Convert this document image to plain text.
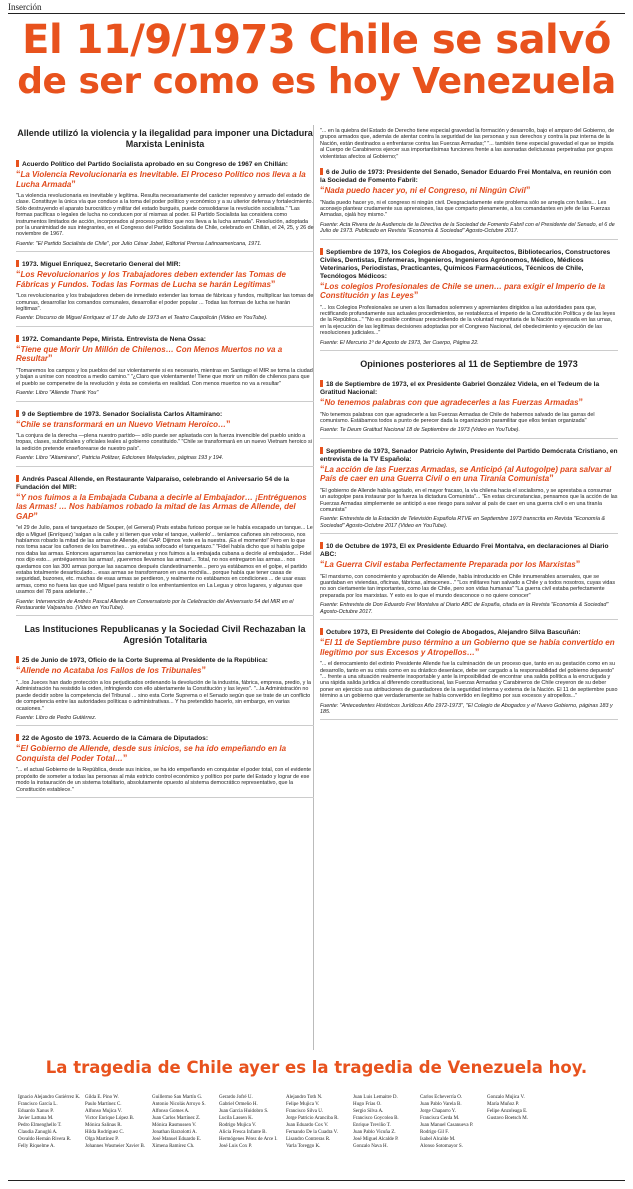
Inserción
El 11/9/1973 Chile se salvó
de ser como es hoy Venezuela
Allende utilizó la violencia y la ilegalidad para imponer una Dictadura Marxista Leninista
Acuerdo Político del Partido Socialista aprobado en su Congreso de 1967 en Chillán:
“La Violencia Revolucionaria es Inevitable. El Proceso Político nos lleva a la Lucha Armada”
"La violencia revolucionaria es inevitable y legítima. Resulta necesariamente del carácter represivo y armado del estado de clase. Constituye la única vía que conduce a la toma del poder político y económico y a su ulterior defensa y fortalecimiento. Sólo destruyendo el aparato burocrático y militar del estado burgués, puede consolidarse la revolución socialista." "Las formas pacíficas o legales de lucha no conducen por sí mismas al poder. El Partido Socialista las considera como instrumentos limitados de acción, incorporados al proceso político que nos lleva a la lucha armada". Resolución, adoptada por la unanimidad de sus integrantes, en el Congreso del Partido Socialista de Chile, celebrado en Chillán, el 24, 25, y 26 de noviembre de 1967.
Fuente: "El Partido Socialista de Chile", por Julio César Jobet, Editorial Prensa Latinoamericana, 1971.
1973. Miguel Enríquez, Secretario General del MIR:
“Los Revolucionarios y los Trabajadores deben extender las Tomas de Fábricas y Fundos. Todas las Formas de Lucha se harán Legítimas”
"Los revolucionarios y los trabajadores deben de inmediato extender las tomas de fábricas y fundos, multiplicar las tomas de comunas, desarrollar los comandos comunales, desarrollar el poder popular ... Todas las formas de lucha se harán legítimas".
Fuente: Discurso de Miguel Enríquez el 17 de Julio de 1973 en el Teatro Caupolicán (Video en YouTube).
1972. Comandante Pepe, Mirista. Entrevista de Nena Ossa:
“Tiene que Morir Un Millón de Chilenos… Con Menos Muertos no va a Resultar”
"Tomaremos los campos y los pueblos del sur violentamente si es necesario, mientras en Santiago el MIR se toma la ciudad y bajan a unirse con nosotros a medio camino." "¿Claro que violentamente! Tiene que morir un millón de chilenos para que el pueblo se compenetre de la revolución y ésta se convierta en realidad. Con menos muertos no va a resultar"
Fuente: Libro "Allende Thank You"
9 de Septiembre de 1973. Senador Socialista Carlos Altamirano:
“Chile se transformará en un Nuevo Vietnam Heroico…”
"La conjura de la derecha —plena nuestro partido— sólo puede ser aplastada con la fuerza invencible del pueblo unido a tropas, clases, suboficiales y oficiales leales al gobierno constituido." "Chile se transformará en un nuevo Vietnam heroico si la sedición pretende enseñorearse de nuestro país".
Fuente: Libro "Altamirano", Patricia Politzer, Ediciones Melquíades, páginas 193 y 194.
Andrés Pascal Allende, en Restaurante Valparaíso, celebrando el Aniversario 54 de la Fundación del MIR:
“Y nos fuimos a la Embajada Cubana a decirle al Embajador… ¡Entréguenos las Armas! … Nos habíamos robado la mitad de las Armas de Allende, del GAP”
"el 29 de Julio, para el tanquetazo de Souper, (el General) Prats estaba furioso porque se le había escapado un tanque... Le dijo a Miguel (Enríquez) 'salgan a la calle y si tienen que volar el tanque, vuélenlo'... teníamos cañones sin retroceso, nos habíamos robado la mitad de las armas de Allende, del GAP. Dijimos 'este es la nuestra. ¡Es el momento!' Pero en lo que nos toma sacar los cañones de los barretines... ya estaba sofocado el tanquetazo." "Fidel había dicho que si había golpe nos daba las armas. Entonces agarramos las camionetas y nos fuimos a la embajada cubana a decirle al embajador... Fidel nos dijo esto... ¡entréguennos las armas!, ¡queremos llevarnos las armas!... Total, no nos entregaron las armas... nos quedamos con las 300 armas porque las sacamos después clandestinamente... pero ya estábamos en el golpe, el partido estaba totalmente desarticulado... esas armas se transformaron en una mochila... porque había que tener casas de seguridad, buzones, etc. muchas de esas armas se perdieron, y realmente no estábamos en condiciones ... de usar esas armas, como no fuera las que usó Miguel para resistir o los enfrentamientos en La Legua y otros lugares, y algunas que usamos del 78 para adelante..."
Fuente: Intervención de Andrés Pascal Allende en Conversatorio por la Celebración del Aniversario 54 del MIR en el Restaurante Valparaíso. (Video en YouTube).
Las Instituciones Republicanas y la Sociedad Civil Rechazaban la Agresión Totalitaria
25 de Junio de 1973, Oficio de la Corte Suprema al Presidente de la República:
“Allende no Acataba los Fallos de los Tribunales”
"...los Jueces han dado protección a los perjudicados ordenando la devolución de la industria, fábrica, empresa, predio, y la Administración ha resistido la orden, infringiendo con ello abiertamente la Constitución y las leyes". "...la Administración no puede decidir sobre la competencia del Tribunal ... sino esta Corte Suprema o el Senado según que se trate de un conflicto de competencia entre las autoridades políticas o administrativas... Y ha pretendido hacerlo, sin embargo, en varias ocasiones."
Fuente: Libro de Pedro Gutiérrez.
22 de Agosto de 1973. Acuerdo de la Cámara de Diputados:
“El Gobierno de Allende, desde sus inicios, se ha ido empeñando en la Conquista del Poder Total…”
"... el actual Gobierno de la República, desde sus inicios, se ha ido empeñando en conquistar el poder total, con el evidente propósito de someter a todas las personas al más estricto control económico y político por parte del Estado y lograr de ese modo la instauración de un sistema totalitario, absolutamente opuesto al sistema democrático representativo, que la Constitución establece."
"... en la quiebra del Estado de Derecho tiene especial gravedad la formación y desarrollo, bajo el amparo del Gobierno, de grupos armados que, además de atentar contra la seguridad de las personas y sus derechos y contra la paz interna de la Nación, están destinados a enfrentarse contra las Fuerzas Armadas;" "... también tiene especial gravedad el que se impida al Cuerpo de Carabineros ejercer sus importantísimas funciones frente a las asonadas delictuosas perpetradas por grupos violentistas afectos al Gobierno;"
6 de Julio de 1973: Presidente del Senado, Senador Eduardo Frei Montalva, en reunión con la Sociedad de Fomento Fabril:
“Nada puedo hacer yo, ni el Congreso, ni Ningún Civil”
"Nada puedo hacer yo, ni el congreso ni ningún civil. Desgraciadamente este problema sólo se arregla con fusiles... Les aconsejo plantear crudamente sus aprensiones, las que comparto plenamente, a los comandantes en jefe de las Fuerzas Armadas, ojalá hoy mismo."
Fuente: Acta Rivera de la Audiencia de la Directiva de la Sociedad de Fomento Fabril con el Presidente del Senado, el 6 de Julio de 1973. Publicado en Revista "Economía & Sociedad" Agosto-Octubre 2017.
Septiembre de 1973, los Colegios de Abogados, Arquitectos, Bibliotecarios, Constructores Civiles, Dentistas, Enfermeras, Ingenieros, Ingenieros Agrónomos, Médico, Médicos Veterinarios, Periodistas, Practicantes, Químicos Farmacéuticos, Técnicos de Chile, Tecnólogos Médicos:
“Los colegios Profesionales de Chile se unen… para exigir el Imperio de la Constitución y las Leyes”
"... los Colegios Profesionales se unen a los llamados solemnes y apremiantes dirigidos a las autoridades para que, rectificando profundamente sus actuales procedimientos, se restablezca el imperio de la Constitución Política y de las leyes de la República..." "No es posible continuar prescindiendo de la voluntad mayoritaria de la Nación expresada en las urnas, en la ejecución de las legítimas decisiones adoptadas por el Congreso Nacional, del obedecimiento y ejecución de las resoluciones judiciales..."
Fuente: El Mercurio 1º de Agosto de 1973, 3er Cuerpo, Página 22.
Opiniones posteriores al 11 de Septiembre de 1973
18 de Septiembre de 1973, el ex Presidente Gabriel González Videla, en el Tedeum de la Gratitud Nacional:
“No tenemos palabras con que agradecerles a las Fuerzas Armadas”
"No tenemos palabras con que agradecerle a las Fuerzas Armadas de Chile de habernos salvado de las garras del comunismo. Estábamos todos a punto de perecer dada la organización paramilitar que ellos tenían organizada"
Fuente: Te Deum Gratitud Nacional 18 de Septiembre de 1973 (Video en YouTube).
Septiembre de 1973, Senador Patricio Aylwin, Presidente del Partido Demócrata Cristiano, en entrevista de la TV Española:
“La acción de las Fuerzas Armadas, se Anticipó (al Autogolpe) para salvar al País de caer en una Guerra Civil o en una Tiranía Comunista”
"El gobierno de Allende había agotado, en el mayor fracaso, la vía chilena hacia el socialismo, y se aprestaba a consumar un autogolpe para instaurar por la fuerza la dictadura Comunista"... "En estas circunstancias, pensamos que la acción de las Fuerzas Armadas simplemente se anticipó a ese riesgo para salvar al país de caer en una guerra civil o en una tiranía comunista"
Fuente: Entrevista de la Estación de Televisión Española RTVE en Septiembre 1973 transcrita en Revista "Economía & Sociedad" Agosto-Octubre 2017 (Video en YouTube).
10 de Octubre de 1973, El ex Presidente Eduardo Frei Montalva, en declaraciones al Diario ABC:
“La Guerra Civil estaba Perfectamente Preparada por los Marxistas”
"El marxismo, con conocimiento y aprobación de Allende, había introducido en Chile innumerables arsenales, que se guardaban en viviendas, oficinas, fábricas, almacenes..." "Los militares han salvado a Chile y a todos nosotros, cuyas vidas no son ciertamente tan importantes, como las de Chile, pero son vidas humanas" "La guerra civil estaba perfectamente preparada por los marxistas. Y esto es lo que el mundo desconoce o no quiere conocer"
Fuente: Entrevista de Don Eduardo Frei Montalva al Diario ABC de España, citada en la Revista "Economía & Sociedad" Agosto-Octubre 2017.
Octubre 1973, El Presidente del Colegio de Abogados, Alejandro Silva Bascuñán:
“El 11 de Septiembre puso término a un Gobierno que se había convertido en Ilegítimo por sus Excesos y Atropellos…”
"... el derrocamiento del extinto Presidente Allende fue la culminación de un proceso que, tanto en su gestación como en su desarrollo, tanto en su crisis como en su drástico desenlace, debe ser cargado a la responsabilidad del gobierno depuesto" "... frente a una situación realmente insoportable y ante la imposibilidad de encontrar una salida política a la encrucijada y una rápida salida jurídica al diferendo constitucional, las Fuerzas Armadas y Carabineros de Chile creyeron de su deber poner en ejercicio sus atribuciones de guardadores de la seguridad interna y externa de la Nación. El 11 de septiembre puso término a un gobierno que verdaderamente se había convertido en ilegítimo por sus excesos y atropellos..."
Fuente: "Antecedentes Históricos Jurídicos Año 1972-1973", "El Colegio de Abogados y el Nuevo Gobierno, páginas 183 y 185.
La tragedia de Chile ayer es la tragedia de Venezuela hoy.
Ignacio Alejandro Gutiérrez K. Gilda E. Pino W.	Guillermo San Martín G.	Gerardo Jofré U.	Alejandro Toth N.	Juan Luis Lemaitre D.	Carlos Echeverría O.	Gonzalo Mujica V.
Francisco García L.	Paulo Martínez C.	Antonio Nicolás Arroyo S.	Gabriel Ormeño H.	Felipe Mujica V.	Hugo Frías O.	Juan Pablo Varela B.	María Muñoz P.
Eduardo Xanus P.	Alfonso Mujica V.	Alfonso Gomes A.	Juan Garcia Huidobro S.	Francisco Silva U.	Sergio Silva A.	Jorge Chaparro Y.	Felipe Anzoleaga E.
Javier Lattuna M.	Victor Enrique López B.	Juan Carlos Martínez Z.	Lucila Lassen K.	Jorge Patricio Aranciba R.	Francisco Goycolea B.	Francisca Cerda M.	Gustavo Boetsch M.
Pedro Elmenghello T.	Mónica Salinas R.	Mónica Rasmussen V.	Rodrigo Mujica V.	Juan Eduardo Cox V.	Enrique Treviño T.	Juan Manuel Casanueva P.
Claudia Zanuglú A.	Hilda Rodríguez C.	Jonathan Barzolotti A.	Alicia Fresca Infante B.	Fernando De la Cuadra V.	Juan Pablo Vicuña Z.	Rodrigo Gil F.
Osvaldo Hernán Rivera R.	Olga Martínez P.	José Manuel Eduardo E.	Hermógenes Pérez de Arce I.	Lisandro Contreras R.	José Miguel Alcalde P.	Isabel Alcalde M.
Felly Riquelme A.	Johannes Wasmeier Xavier B.	Ximena Ramírez Ch.	José Luis Cox P.	Varla Toreggo K.	Gonzalo Nava H.	Alonso Sotomayor S.
